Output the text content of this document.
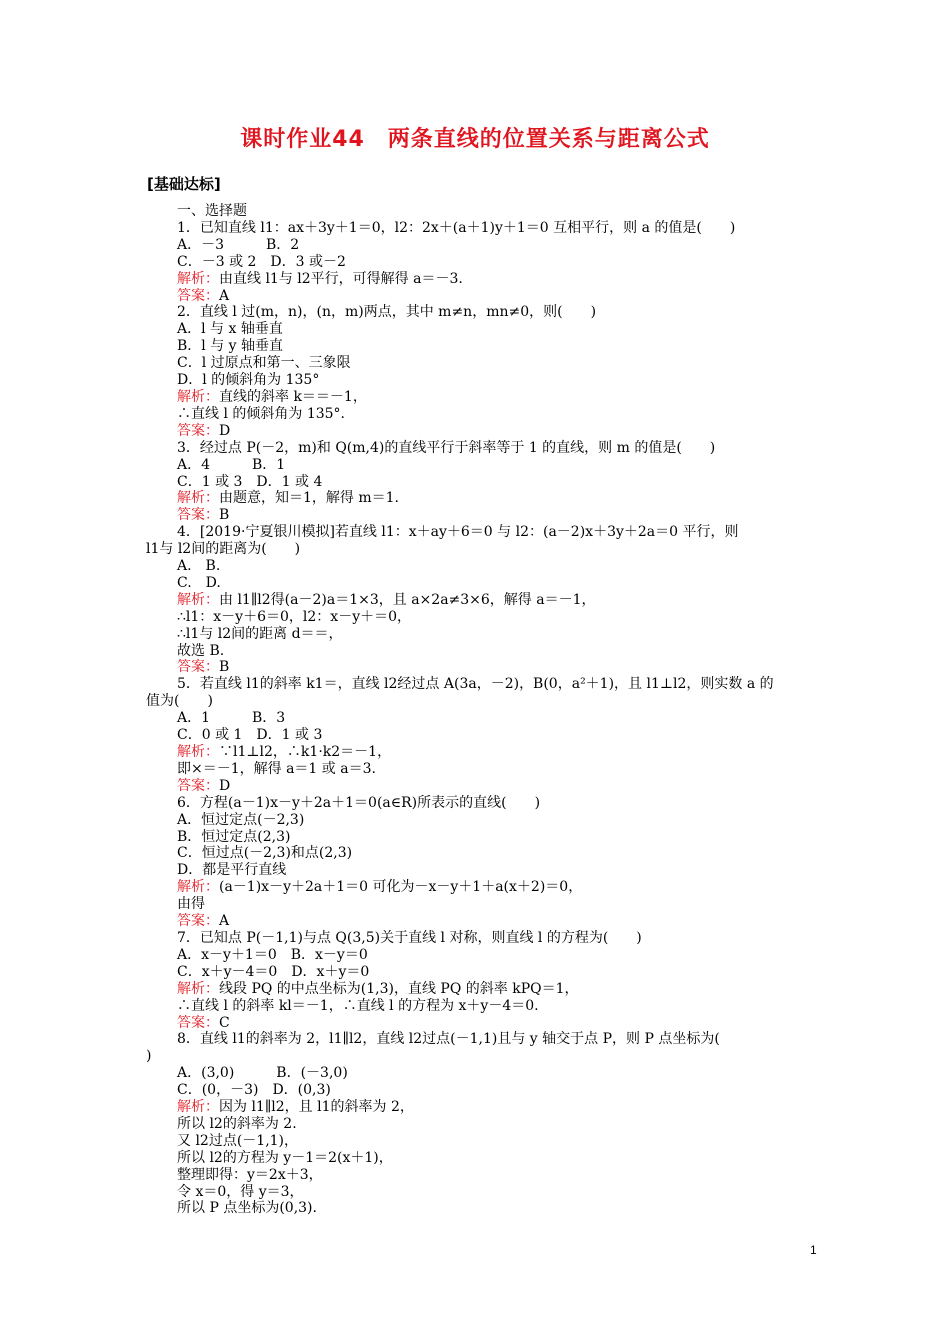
课时作业44　两条直线的位置关系与距离公式
[基础达标]
一、选择题
1．已知直线 l1：ax＋3y＋1＝0，l2：2x＋(a＋1)y＋1＝0 互相平行，则 a 的值是(　　)
A．－3　　　B．2
C．－3 或 2　D．3 或－2
解析：由直线 l1与 l2平行，可得解得 a＝－3.
答案：A
2．直线 l 过(m，n)，(n，m)两点，其中 m≠n，mn≠0，则(　　)
A．l 与 x 轴垂直
B．l 与 y 轴垂直
C．l 过原点和第一、三象限
D．l 的倾斜角为 135°
解析：直线的斜率 k＝＝－1，
∴直线 l 的倾斜角为 135°.
答案：D
3．经过点 P(－2，m)和 Q(m,4)的直线平行于斜率等于 1 的直线，则 m 的值是(　　)
A．4　　　B．1
C．1 或 3　D．1 或 4
解析：由题意，知＝1，解得 m＝1.
答案：B
4．[2019·宁夏银川模拟]若直线 l1：x＋ay＋6＝0 与 l2：(a－2)x＋3y＋2a＝0 平行，则
l1与 l2间的距离为(　　)
A.　B.
C.　D.
解析：由 l1∥l2得(a－2)a＝1×3，且 a×2a≠3×6，解得 a＝－1，
∴l1：x－y＋6＝0，l2：x－y＋＝0，
∴l1与 l2间的距离 d＝＝，
故选 B.
答案：B
5．若直线 l1的斜率 k1＝，直线 l2经过点 A(3a，－2)，B(0，a²＋1)，且 l1⊥l2，则实数 a 的
值为(　　)
A．1　　　B．3
C．0 或 1　D．1 或 3
解析：∵l1⊥l2，∴k1·k2＝－1，
即×＝－1，解得 a＝1 或 a＝3.
答案：D
6．方程(a－1)x－y＋2a＋1＝0(a∈R)所表示的直线(　　)
A．恒过定点(－2,3)
B．恒过定点(2,3)
C．恒过点(－2,3)和点(2,3)
D．都是平行直线
解析：(a－1)x－y＋2a＋1＝0 可化为－x－y＋1＋a(x＋2)＝0，
由得
答案：A
7．已知点 P(－1,1)与点 Q(3,5)关于直线 l 对称，则直线 l 的方程为(　　)
A．x－y＋1＝0　B．x－y＝0
C．x＋y－4＝0　D．x＋y＝0
解析：线段 PQ 的中点坐标为(1,3)，直线 PQ 的斜率 kPQ＝1，
∴直线 l 的斜率 kl＝－1，∴直线 l 的方程为 x＋y－4＝0.
答案：C
8．直线 l1的斜率为 2，l1∥l2，直线 l2过点(－1,1)且与 y 轴交于点 P，则 P 点坐标为(
)
A．(3,0)　　　B．(－3,0)
C．(0，－3)　D．(0,3)
解析：因为 l1∥l2，且 l1的斜率为 2，
所以 l2的斜率为 2.
又 l2过点(－1,1)，
所以 l2的方程为 y－1＝2(x＋1)，
整理即得：y＝2x＋3，
令 x＝0，得 y＝3，
所以 P 点坐标为(0,3).
1
